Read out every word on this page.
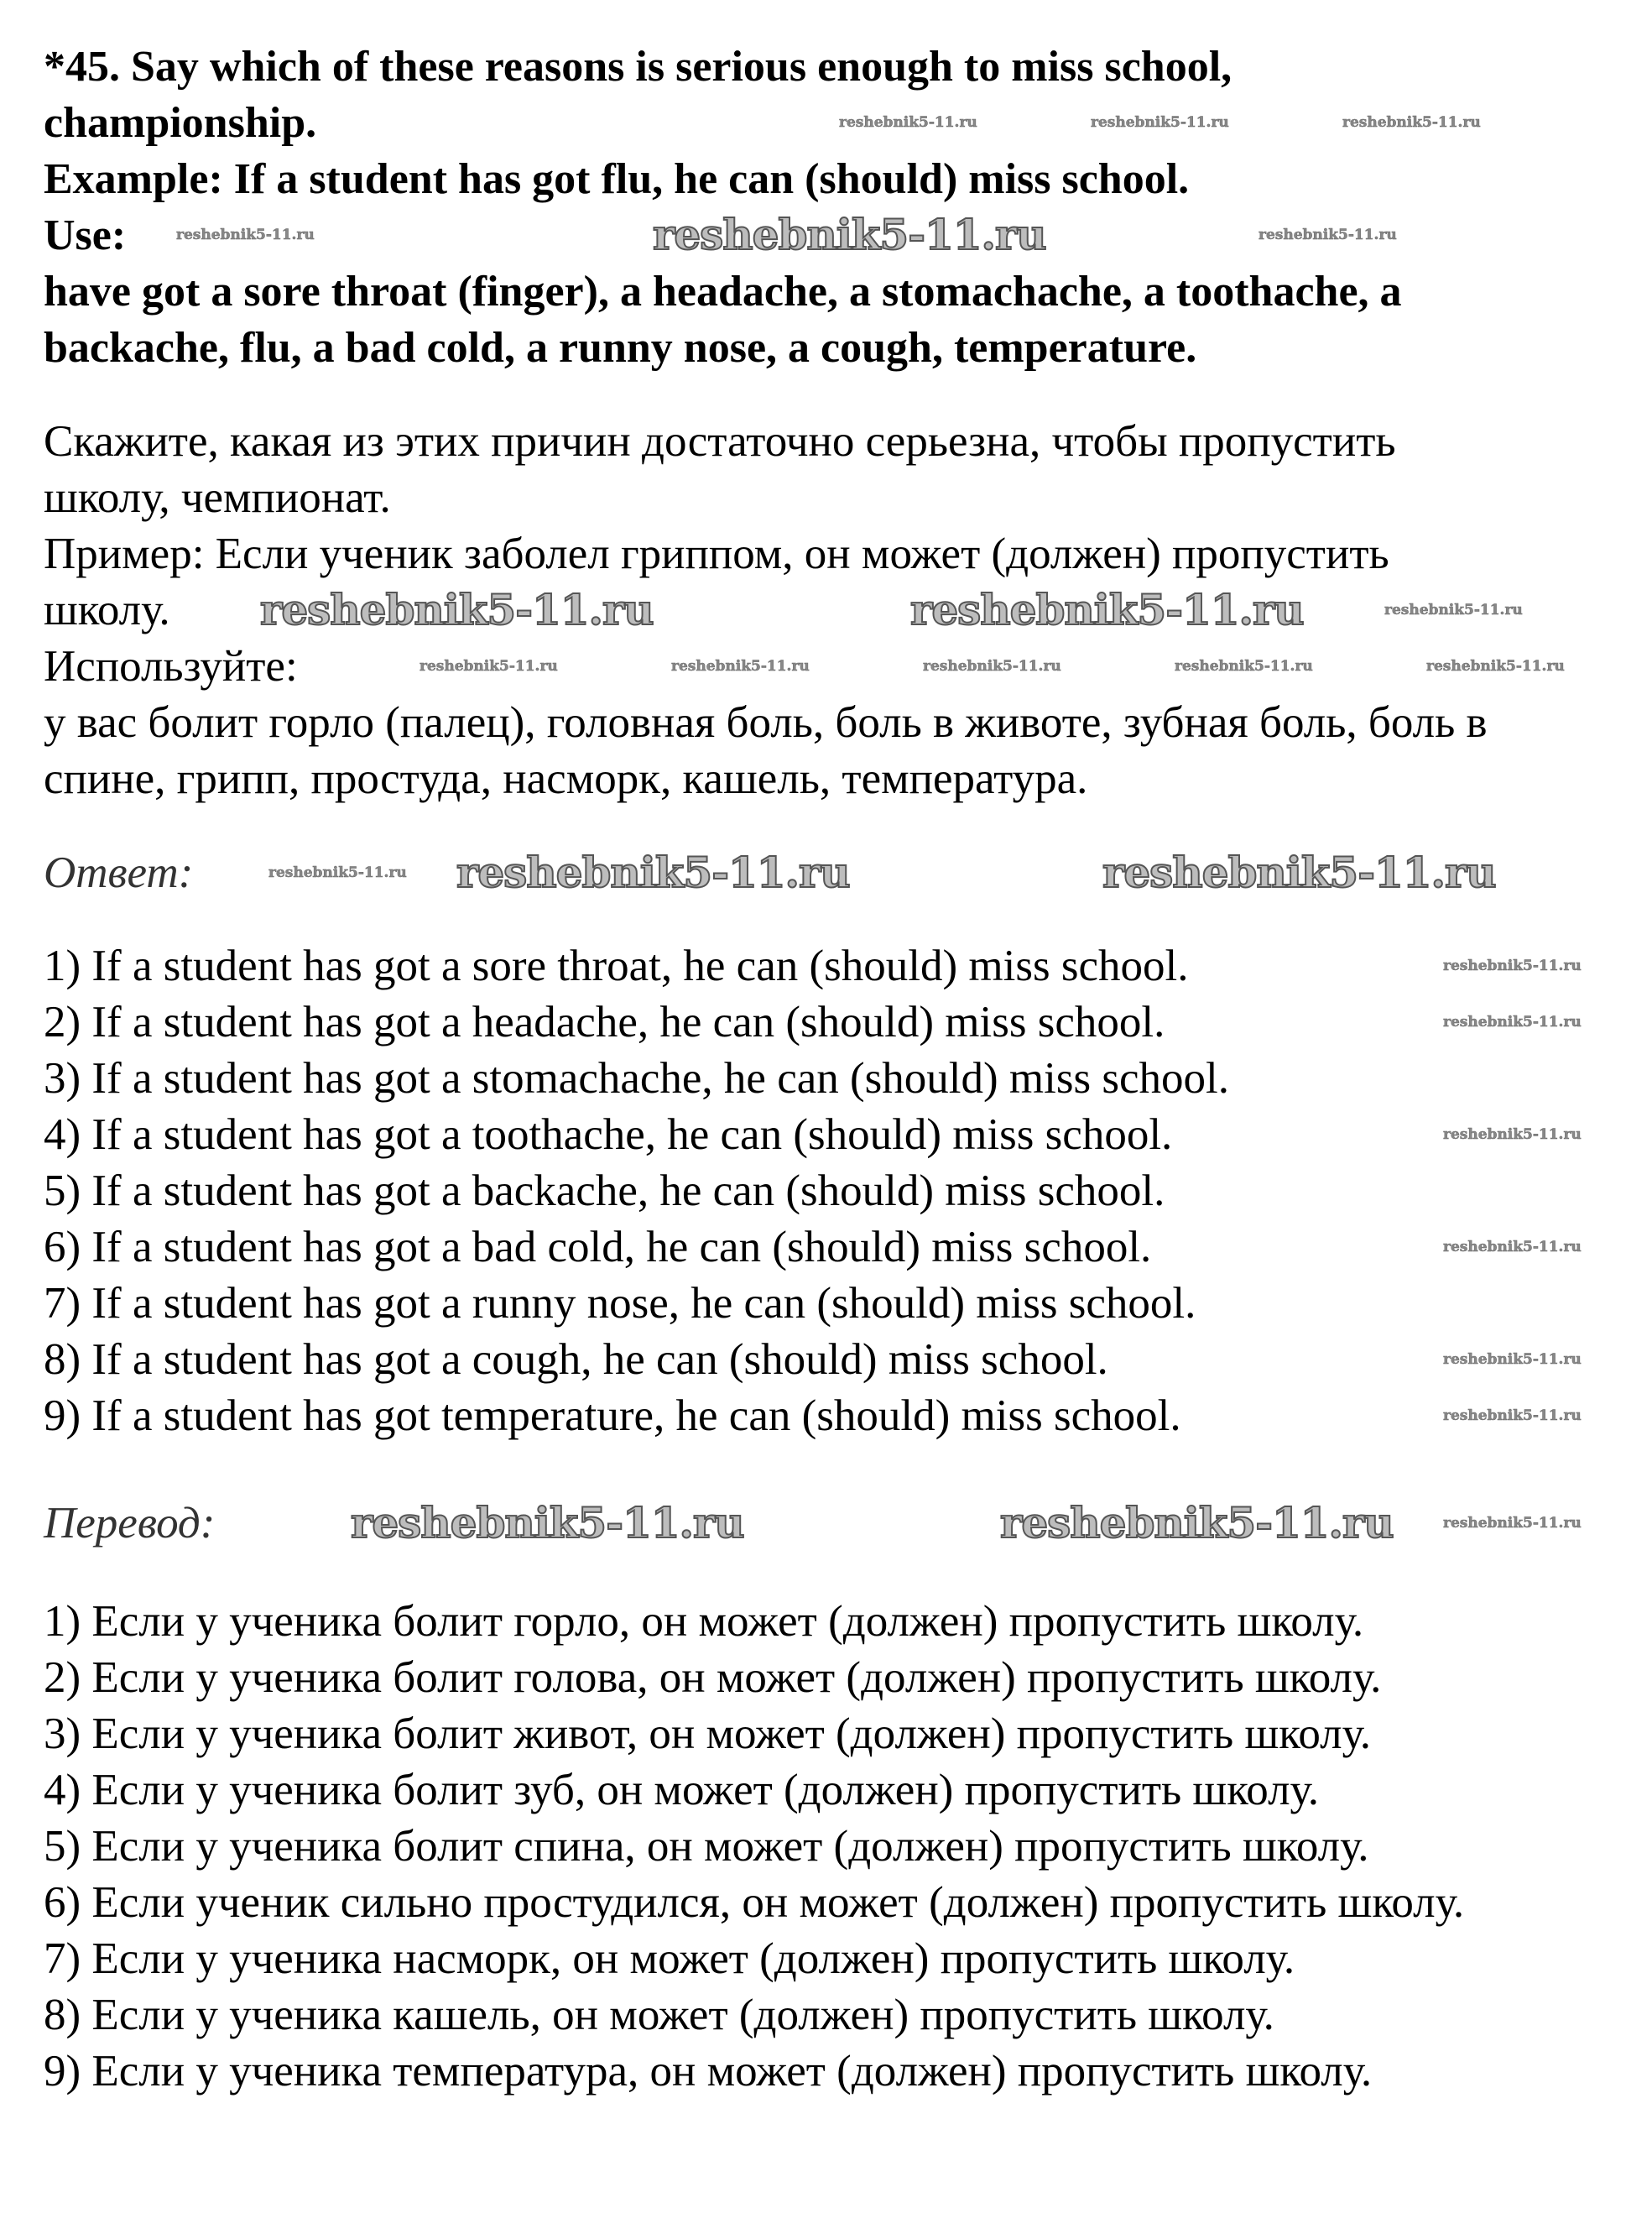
*45. Say which of these reasons is serious enough to miss school,
championship.
Example: If a student has got flu, he can (should) miss school.
Use:
have got a sore throat (finger), a headache, a stomachache, a toothache, a
backache, flu, a bad cold, a runny nose, a cough, temperature.
Скажите, какая из этих причин достаточно серьезна, чтобы пропустить
школу, чемпионат.
Пример: Если ученик заболел гриппом, он может (должен) пропустить
школу.
Используйте:
у вас болит горло (палец), головная боль, боль в животе, зубная боль, боль в
спине, грипп, простуда, насморк, кашель, температура.
Ответ:
1) If a student has got a sore throat, he can (should) miss school.
2) If a student has got a headache, he can (should) miss school.
3) If a student has got a stomachache, he can (should) miss school.
4) If a student has got a toothache, he can (should) miss school.
5) If a student has got a backache, he can (should) miss school.
6) If a student has got a bad cold, he can (should) miss school.
7) If a student has got a runny nose, he can (should) miss school.
8) If a student has got a cough, he can (should) miss school.
9) If a student has got temperature, he can (should) miss school.
Перевод:
1) Если у ученика болит горло, он может (должен) пропустить школу.
2) Если у ученика болит голова, он может (должен) пропустить школу.
3) Если у ученика болит живот, он может (должен) пропустить школу.
4) Если у ученика болит зуб, он может (должен) пропустить школу.
5) Если у ученика болит спина, он может (должен) пропустить школу.
6) Если ученик сильно простудился, он может (должен) пропустить школу.
7) Если у ученика насморк, он может (должен) пропустить школу.
8) Если у ученика кашель, он может (должен) пропустить школу.
9) Если у ученика температура, он может (должен) пропустить школу.
reshebnik5-11.ru
reshebnik5-11.ru	reshebnik5-11.ru
reshebnik5-11.ru	reshebnik5-11.ru
reshebnik5-11.ru	reshebnik5-11.ru
reshebnik5-11.ru	reshebnik5-11.ru	reshebnik5-11.ru
reshebnik5-11.ru	reshebnik5-11.ru
reshebnik5-11.ru
reshebnik5-11.ru	reshebnik5-11.ru	reshebnik5-11.ru	reshebnik5-11.ru	reshebnik5-11.ru
reshebnik5-11.ru
reshebnik5-11.ru
reshebnik5-11.ru
reshebnik5-11.ru
reshebnik5-11.ru
reshebnik5-11.ru
reshebnik5-11.ru
reshebnik5-11.ru
